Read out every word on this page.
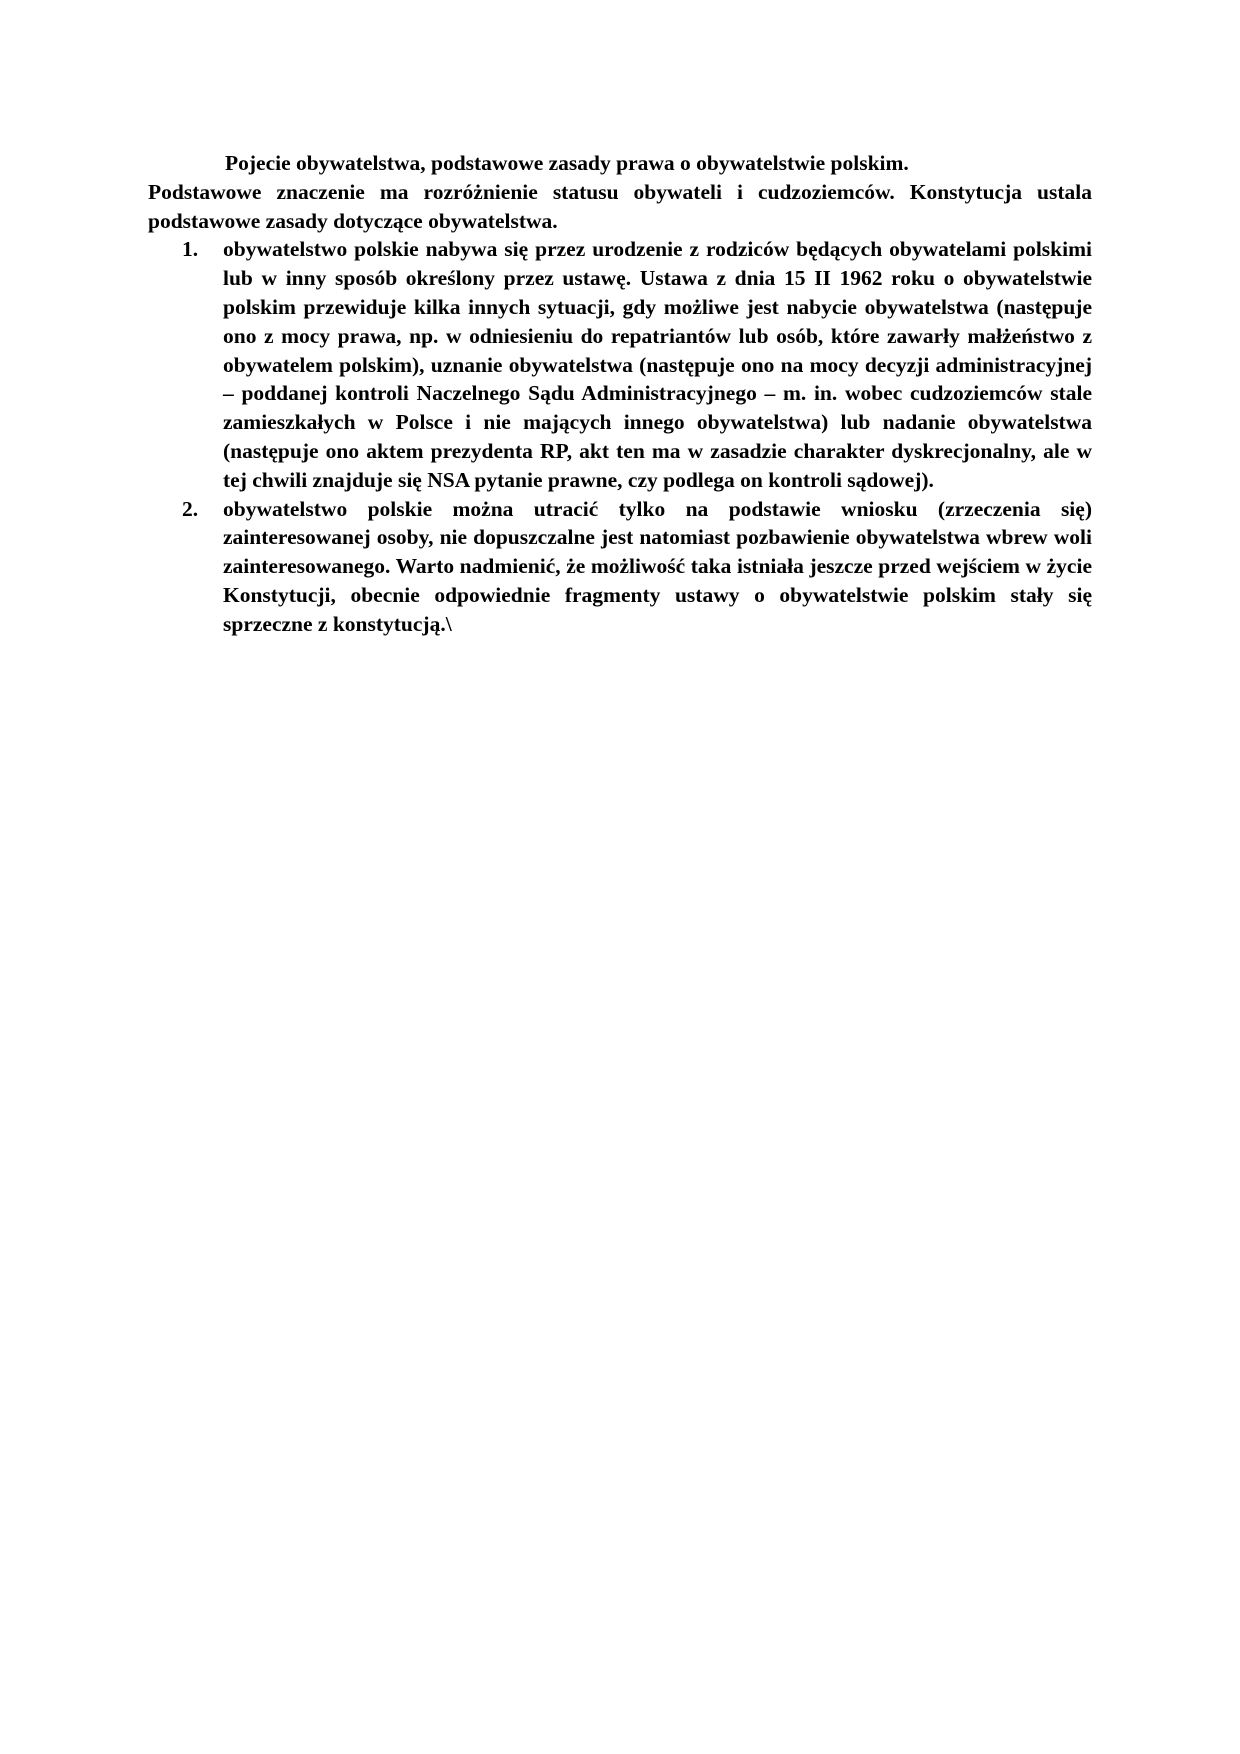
Pojecie obywatelstwa, podstawowe zasady prawa o obywatelstwie polskim.

Podstawowe znaczenie ma rozróżnienie statusu obywateli i cudzoziemców. Konstytucja ustala podstawowe zasady dotyczące obywatelstwa.

1. obywatelstwo polskie nabywa się przez urodzenie z rodziców będących obywatelami polskimi lub w inny sposób określony przez ustawę. Ustawa z dnia 15 II 1962 roku o obywatelstwie polskim przewiduje kilka innych sytuacji, gdy możliwe jest nabycie obywatelstwa (następuje ono z mocy prawa, np. w odniesieniu do repatriantów lub osób, które zawarły małżeństwo z obywatelem polskim), uznanie obywatelstwa (następuje ono na mocy decyzji administracyjnej – poddanej kontroli Naczelnego Sądu Administracyjnego – m. in. wobec cudzoziemców stale zamieszkałych w Polsce i nie mających innego obywatelstwa) lub nadanie obywatelstwa (następuje ono aktem prezydenta RP, akt ten ma w zasadzie charakter dyskrecjonalny, ale w tej chwili znajduje się NSA pytanie prawne, czy podlega on kontroli sądowej).
2. obywatelstwo polskie można utracić tylko na podstawie wniosku (zrzeczenia się) zainteresowanej osoby, nie dopuszczalne jest natomiast pozbawienie obywatelstwa wbrew woli zainteresowanego. Warto nadmienić, że możliwość taka istniała jeszcze przed wejściem w życie Konstytucji, obecnie odpowiednie fragmenty ustawy o obywatelstwie polskim stały się sprzeczne z konstytucją.\
